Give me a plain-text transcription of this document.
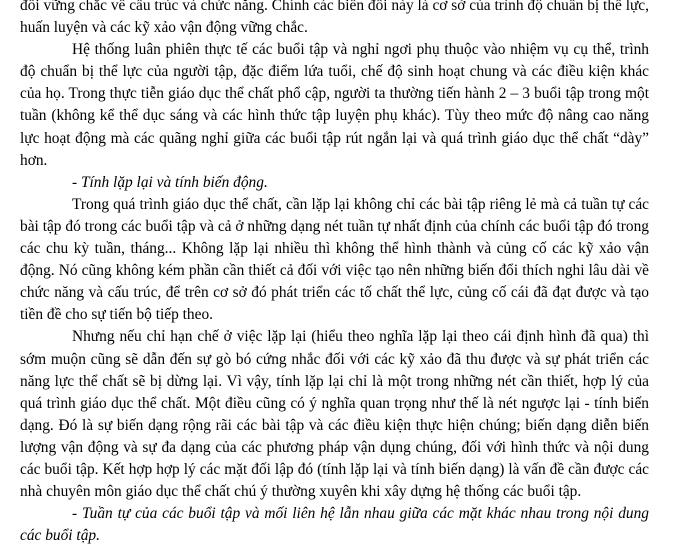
đối vững chắc về cấu trúc và chức năng. Chính các biến đổi này là cơ sở của trình độ chuẩn bị thể lực, huấn luyện và các kỹ xảo vận động vững chắc.

Hệ thống luân phiên thực tế các buổi tập và nghỉ ngơi phụ thuộc vào nhiệm vụ cụ thể, trình độ chuẩn bị thể lực của người tập, đặc điểm lứa tuổi, chế độ sinh hoạt chung và các điều kiện khác của họ. Trong thực tiễn giáo dục thể chất phổ cập, người ta thường tiến hành 2 – 3 buổi tập trong một tuần (không kể thể dục sáng và các hình thức tập luyện phụ khác). Tùy theo mức độ nâng cao năng lực hoạt động mà các quãng nghỉ giữa các buổi tập rút ngắn lại và quá trình giáo dục thể chất “dày” hơn.

- Tính lặp lại và tính biến động.

Trong quá trình giáo dục thể chất, cần lặp lại không chỉ các bài tập riêng lẻ mà cả tuần tự các bài tập đó trong các buổi tập và cả ở những dạng nét tuần tự nhất định của chính các buổi tập đó trong các chu kỳ tuần, tháng... Không lặp lại nhiều thì không thể hình thành và củng cố các kỹ xảo vận động. Nó cũng không kém phần cần thiết cả đối với việc tạo nên những biến đổi thích nghi lâu dài về chức năng và cấu trúc, để trên cơ sở đó phát triển các tố chất thể lực, củng cố cái đã đạt được và tạo tiền đề cho sự tiến bộ tiếp theo.

Nhưng nếu chỉ hạn chế ở việc lặp lại (hiểu theo nghĩa lặp lại theo cái định hình đã qua) thì sớm muộn cũng sẽ dẫn đến sự gò bó cứng nhắc đối với các kỹ xảo đã thu được và sự phát triển các năng lực thể chất sẽ bị dừng lại. Vì vậy, tính lặp lại chỉ là một trong những nét cần thiết, hợp lý của quá trình giáo dục thể chất. Một điều cũng có ý nghĩa quan trọng như thế là nét ngược lại - tính biến dạng. Đó là sự biến dạng rộng rãi các bài tập và các điều kiện thực hiện chúng; biến dạng diễn biến lượng vận động và sự đa dạng của các phương pháp vận dụng chúng, đối với hình thức và nội dung các buổi tập. Kết hợp hợp lý các mặt đối lập đó (tính lặp lại và tính biến dạng) là vấn đề cần được các nhà chuyên môn giáo dục thể chất chú ý thường xuyên khi xây dựng hệ thống các buổi tập.

- Tuần tự của các buổi tập và mối liên hệ lẫn nhau giữa các mặt khác nhau trong nội dung các buổi tập.
